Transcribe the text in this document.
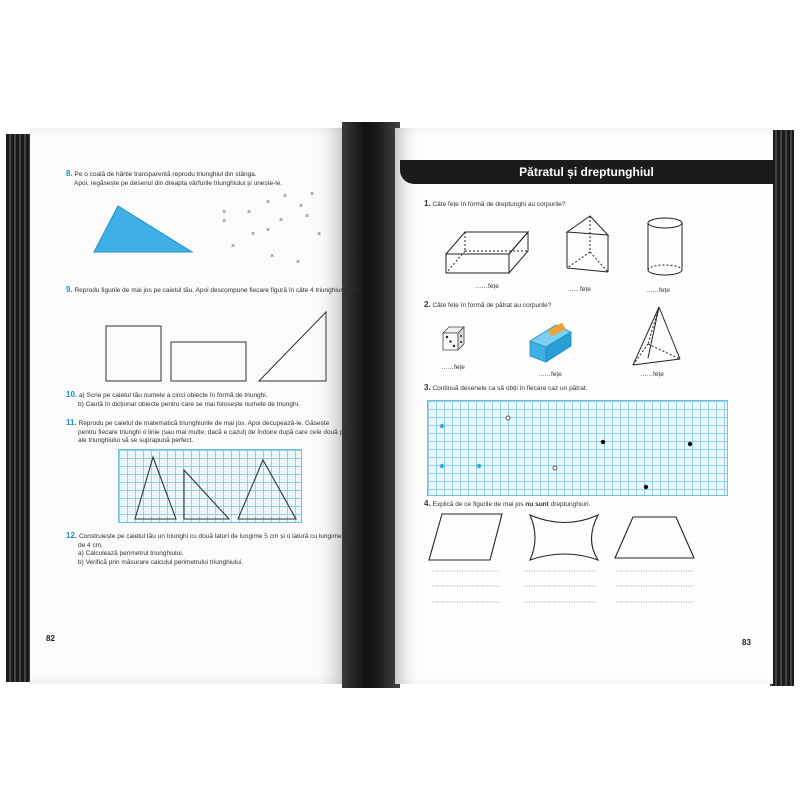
8. Pe o coală de hârtie transparentă reprodu triunghiul din stânga.
Apoi, regăsește pe desenul din dreapta vârfurile triunghiului și unește-le.
×
×
×
×
×
×
×
×
×
×
×
×
×
×
×
9. Reprodu figurile de mai jos pe caietul tău. Apoi descompune fiecare figură în câte 4 triunghiuri la fel.
10. a) Scrie pe caietul tău numele a cinci obiecte în formă de triunghi.
b) Caută în dicționar obiecte pentru care se mai folosește numele de triunghi.
11. Reprodu pe caietul de matematică triunghiurile de mai jos. Apoi decupează-le. Găsește
pentru fiecare triunghi o linie (sau mai multe, dacă e cazul) de îndoire după care cele două părți
ale triunghiului să se suprapună perfect.
12. Construiește pe caietul tău un triunghi cu două laturi de lungime 5 cm și o latură cu lungimea
de 4 cm.
a) Calculează perimetrul triunghiului.
b) Verifică prin măsurare calculul perimetrului triunghiului.
82
Pătratul și dreptunghiul
1. Câte fețe în formă de dreptunghi au corpurile?
……fețe	……fețe	……fețe
2. Câte fețe în formă de pătrat au corpurile?
……fețe
……fețe	……fețe
3. Continuă desenele ca să obții în fiecare caz un pătrat.
4. Explică de ce figurile de mai jos nu sunt dreptunghiuri.
83
